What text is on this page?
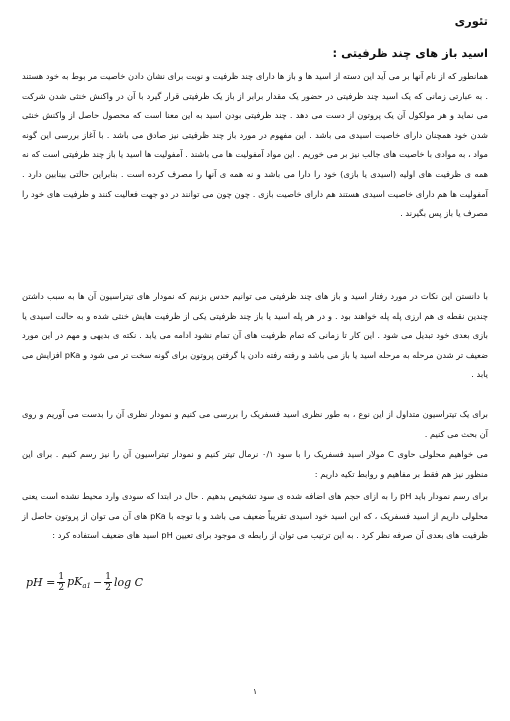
تئوری
اسید باز های چند ظرفیتی :

همانطور که از نام آنها بر می آید این دسته از اسید ها و باز ها دارای چند ظرفیت و نوبت برای نشان دادن خاصیت مر بوط به خود هستند . به عبارتی زمانی که یک اسید چند ظرفیتی در حضور یک مقدار برابر از باز یک ظرفیتی قرار گیرد با آن در واکنش خنثی شدن شرکت می نماید و هر مولکول آن یک پروتون از دست می دهد . چند ظرفیتی بودن اسید به این معنا است که محصول حاصل از واکنش خنثی شدن خود همچنان دارای خاصیت اسیدی می باشد . این مفهوم در مورد باز چند ظرفیتی نیز صادق می باشد . با آغاز بررسی این گونه مواد ، به موادی با خاصیت های جالب نیز بر می خوریم . این مواد آمفولیت ها می باشند . آمفولیت ها اسید یا باز چند ظرفیتی است که نه همه ی ظرفیت های اولیه (اسیدی یا بازی) خود را دارا می باشد و نه همه ی آنها را مصرف کرده است . بنابراین حالتی بینابین دارد . آمفولیت ها هم دارای خاصیت اسیدی هستند هم دارای خاصیت بازی . چون چون می توانند در دو جهت فعالیت کنند و ظرفیت های خود را مصرف یا باز پس بگیرند .

با دانستن این نکات در مورد رفتار اسید و باز های چند ظرفیتی می توانیم حدس بزنیم که نمودار های تیتراسیون آن ها به سبب داشتن چندین نقطه ی هم ارزی پله پله خواهند بود . و در هر پله اسید یا باز چند ظرفیتی یکی از ظرفیت هایش خنثی شده و به حالت اسیدی یا بازی بعدی خود تبدیل می شود . این کار تا زمانی که تمام ظرفیت های آن تمام نشود ادامه می یابد . نکته ی بدیهی و مهم در این مورد ضعیف تر شدن مرحله به مرحله اسید یا باز می باشد و رفته رفته دادن یا گرفتن پروتون برای گونه سخت تر می شود و pKa افزایش می یابد .

برای یک تیتراسیون متداول از این نوع ، به طور نظری اسید فسفریک را بررسی می کنیم و نمودار نظری آن را بدست می آوریم و روی آن بحث می کنیم .

می خواهیم محلولی حاوی C مولار اسید فسفریک را با سود ۰/۱ نرمال تیتر کنیم و نمودار تیتراسیون آن را نیز رسم کنیم . برای این منظور نیز هم فقط بر مفاهیم و روابط تکیه داریم :

برای رسم نمودار باید pH را به ازای حجم های اضافه شده ی سود تشخیص بدهیم . حال در ابتدا که سودی وارد محیط نشده است یعنی محلولی داریم از اسید فسفریک ، که این اسید خود اسیدی تقریباً ضعیف می باشد و با توجه با pKa های آن می توان از پروتون حاصل از ظرفیت های بعدی آن صرفه نظر کرد . به این ترتیب می توان از رابطه ی موجود برای تعیین pH اسید های ضعیف استفاده کرد :

pH = $\frac{1}{2} pK_{a1} - \frac{1}{2}$ log C
۱
